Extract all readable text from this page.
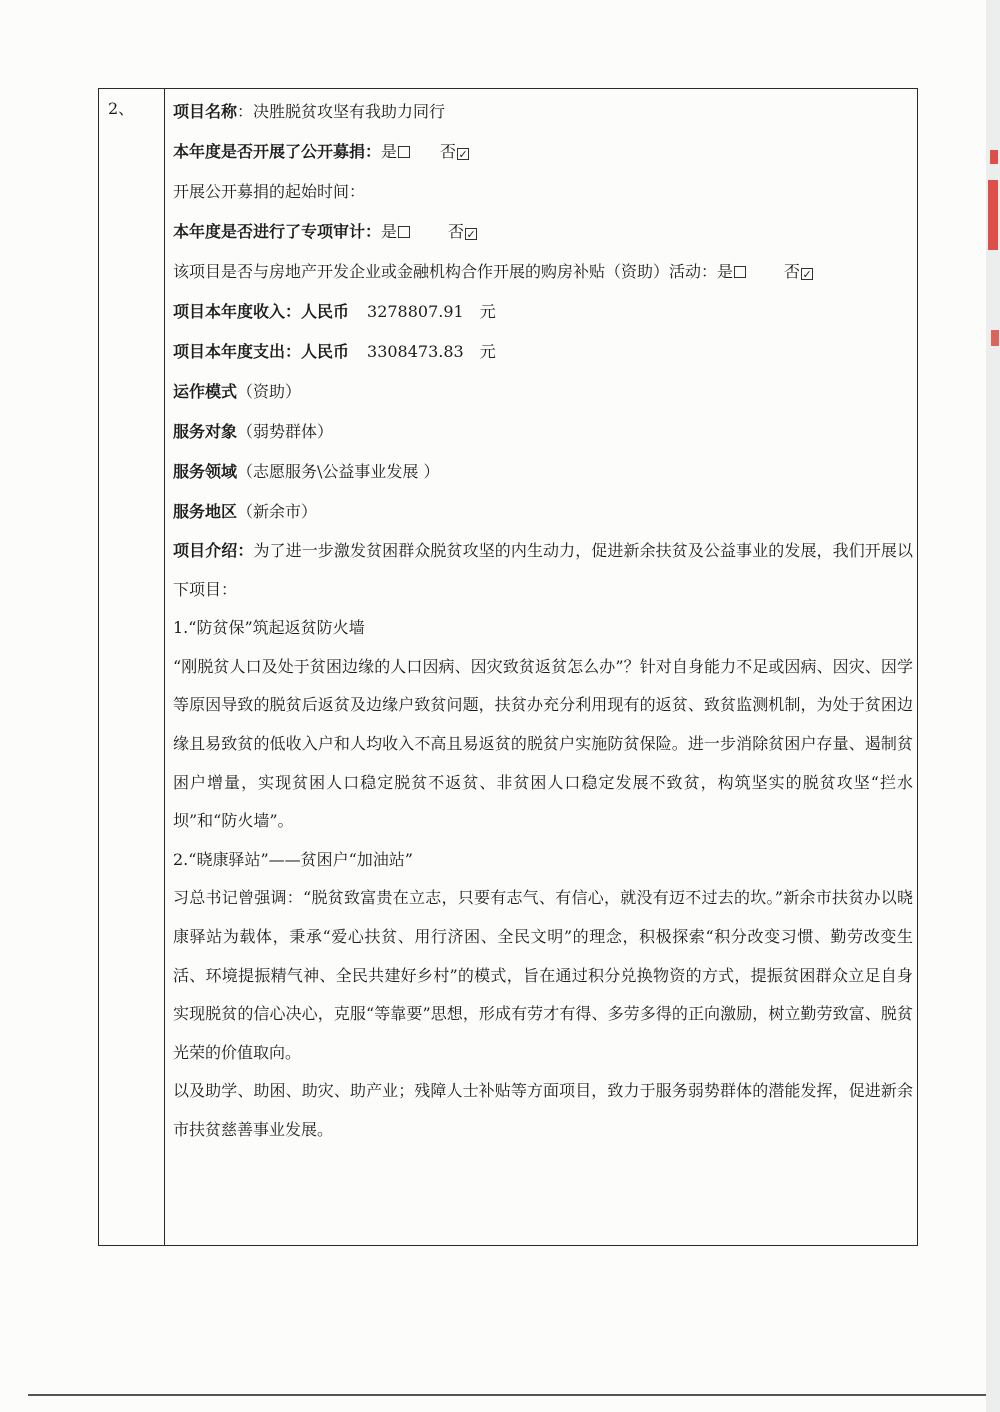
2、 项目名称：决胜脱贫攻坚有我助力同行
本年度是否开展了公开募捐：是	否 ✓
开展公开募捐的起始时间：
本年度是否进行了专项审计：是	否 ✓
该项目是否与房地产开发企业或金融机构合作开展的购房补贴（资助）活动：是	否 ✓
项目本年度收入：人民币 3278807.91 元
项目本年度支出：人民币 3308473.83 元
运作模式（资助）
服务对象（弱势群体）
服务领域（志愿服务\公益事业发展 ）
服务地区（新余市）

项目介绍：为了进一步激发贫困群众脱贫攻坚的内生动力，促进新余扶贫及公益事业的发展，我们开展以下项目：

1.“防贫保”筑起返贫防火墙

“刚脱贫人口及处于贫困边缘的人口因病、因灾致贫返贫怎么办”？针对自身能力不足或因病、因灾、因学等原因导致的脱贫后返贫及边缘户致贫问题，扶贫办充分利用现有的返贫、致贫监测机制，为处于贫困边缘且易致贫的低收入户和人均收入不高且易返贫的脱贫户实施防贫保险。进一步消除贫困户存量、遏制贫困户增量，实现贫困人口稳定脱贫不返贫、非贫困人口稳定发展不致贫，构筑坚实的脱贫攻坚“拦水坝”和“防火墙”。

2.“晓康驿站”——贫困户“加油站”

习总书记曾强调：“脱贫致富贵在立志，只要有志气、有信心，就没有迈不过去的坎。”新余市扶贫办以晓康驿站为载体，秉承“爱心扶贫、用行济困、全民文明”的理念，积极探索“积分改变习惯、勤劳改变生活、环境提振精气神、全民共建好乡村”的模式，旨在通过积分兑换物资的方式，提振贫困群众立足自身实现脱贫的信心决心，克服“等靠要”思想，形成有劳才有得、多劳多得的正向激励，树立勤劳致富、脱贫光荣的价值取向。

以及助学、助困、助灾、助产业；残障人士补贴等方面项目，致力于服务弱势群体的潜能发挥，促进新余市扶贫慈善事业发展。
